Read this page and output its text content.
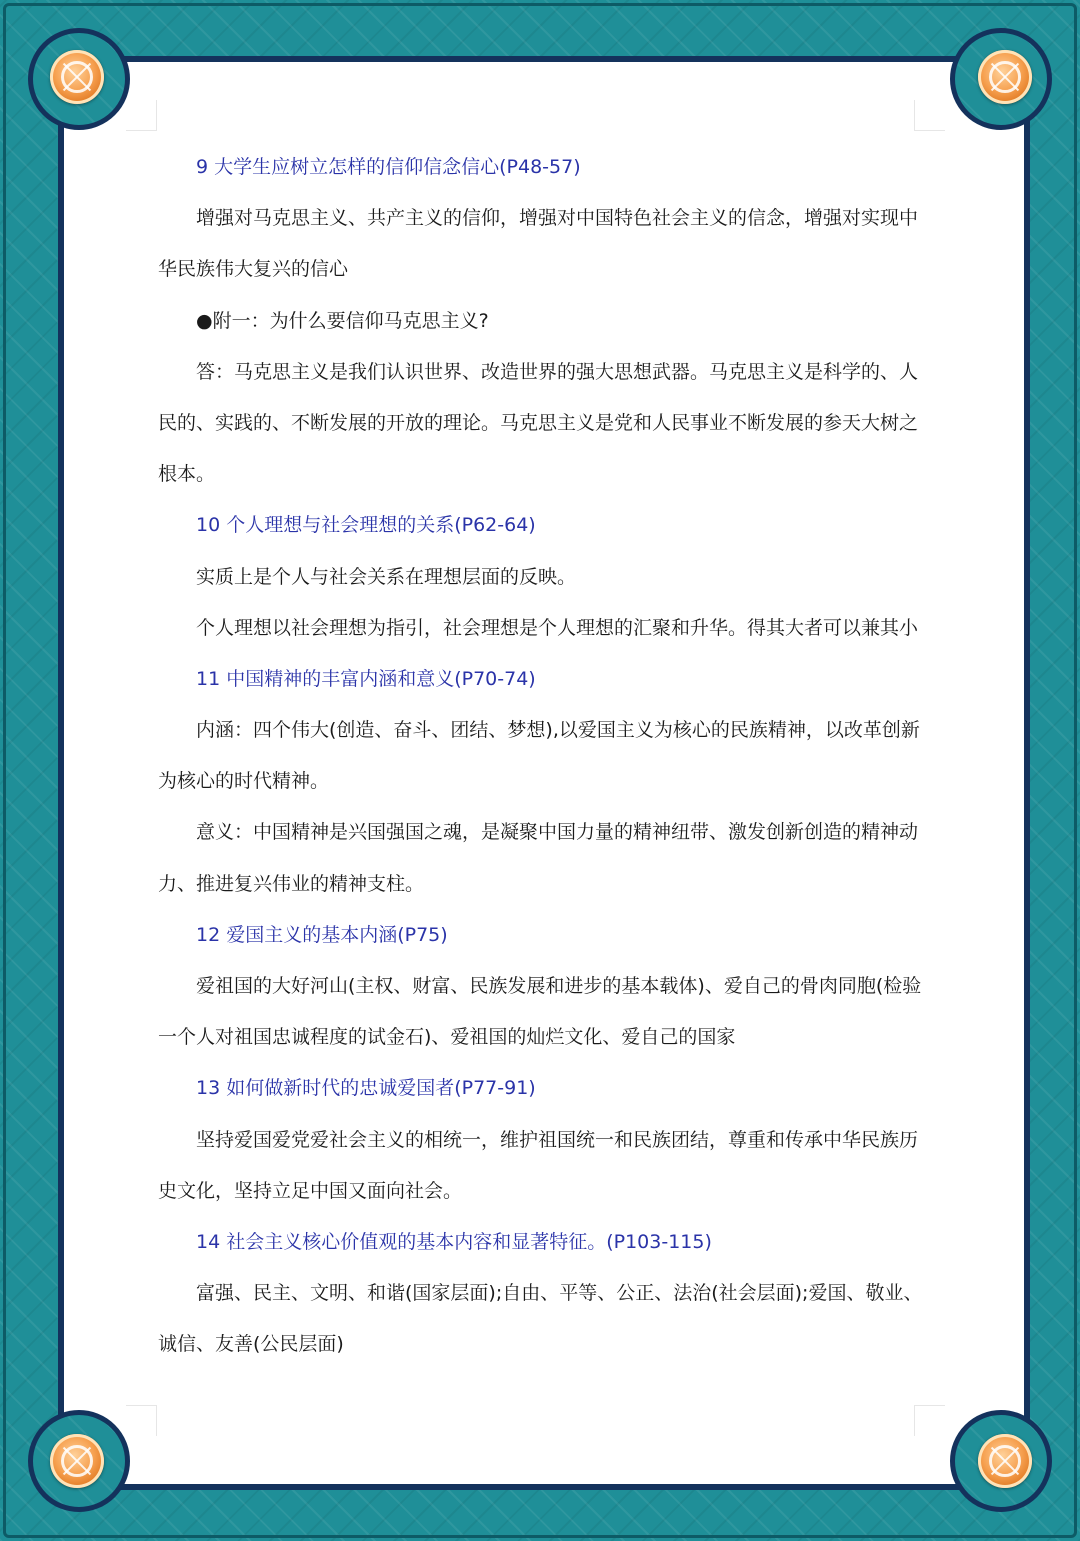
9 大学生应树立怎样的信仰信念信心(P48-57)
增强对马克思主义、共产主义的信仰，增强对中国特色社会主义的信念，增强对实现中
华民族伟大复兴的信心
●附一：为什么要信仰马克思主义?
答：马克思主义是我们认识世界、改造世界的强大思想武器。马克思主义是科学的、人
民的、实践的、不断发展的开放的理论。马克思主义是党和人民事业不断发展的参天大树之
根本。
10 个人理想与社会理想的关系(P62-64)
实质上是个人与社会关系在理想层面的反映。
个人理想以社会理想为指引，社会理想是个人理想的汇聚和升华。得其大者可以兼其小
11 中国精神的丰富内涵和意义(P70-74)
内涵：四个伟大(创造、奋斗、团结、梦想),以爱国主义为核心的民族精神，以改革创新
为核心的时代精神。
意义：中国精神是兴国强国之魂，是凝聚中国力量的精神纽带、激发创新创造的精神动
力、推进复兴伟业的精神支柱。
12 爱国主义的基本内涵(P75)
爱祖国的大好河山(主权、财富、民族发展和进步的基本载体)、爱自己的骨肉同胞(检验
一个人对祖国忠诚程度的试金石)、爱祖国的灿烂文化、爱自己的国家
13 如何做新时代的忠诚爱国者(P77-91)
坚持爱国爱党爱社会主义的相统一，维护祖国统一和民族团结，尊重和传承中华民族历
史文化，坚持立足中国又面向社会。
14 社会主义核心价值观的基本内容和显著特征。(P103-115)
富强、民主、文明、和谐(国家层面);自由、平等、公正、法治(社会层面);爱国、敬业、
诚信、友善(公民层面)
